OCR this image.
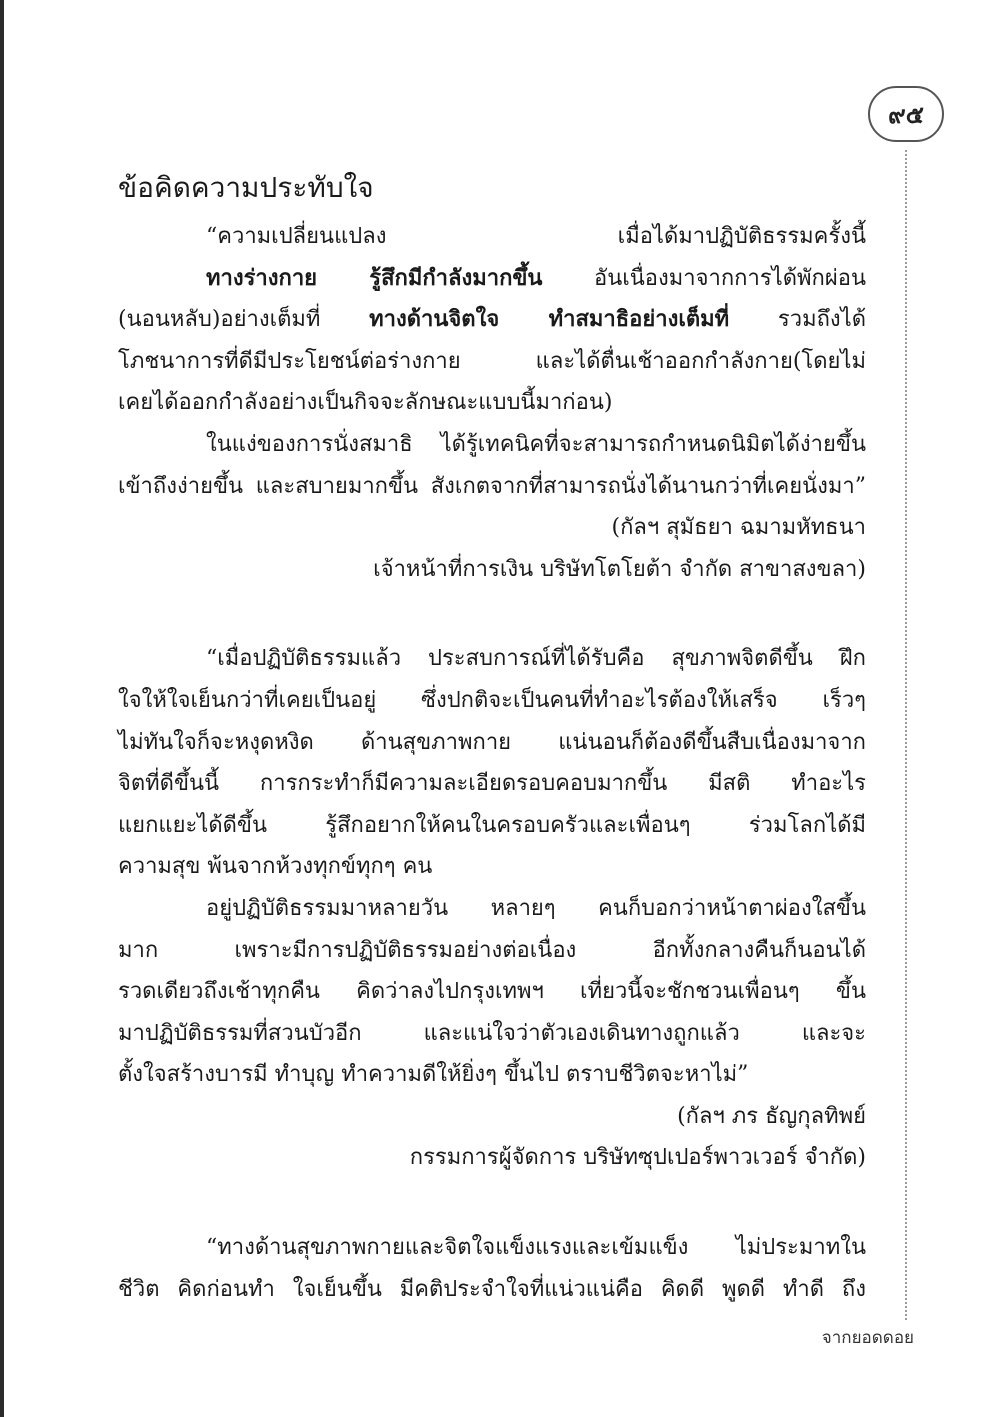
๙๕
ข้อคิดความประทับใจ
“ความเปลี่ยนแปลง เมื่อได้มาปฏิบัติธรรมครั้งนี้
ทางร่างกาย รู้สึกมีกำลังมากขึ้น อันเนื่องมาจากการได้พักผ่อน
(นอนหลับ)อย่างเต็มที่ ทางด้านจิตใจ ทำสมาธิอย่างเต็มที่ รวมถึงได้
โภชนาการที่ดีมีประโยชน์ต่อร่างกาย และได้ตื่นเช้าออกกำลังกาย(โดยไม่
เคยได้ออกกำลังอย่างเป็นกิจจะลักษณะแบบนี้มาก่อน)
ในแง่ของการนั่งสมาธิ ได้รู้เทคนิคที่จะสามารถกำหนดนิมิตได้ง่ายขึ้น
เข้าถึงง่ายขึ้น และสบายมากขึ้น สังเกตจากที่สามารถนั่งได้นานกว่าที่เคยนั่งมา”
(กัลฯ สุมัธยา ฉมามหัทธนา
เจ้าหน้าที่การเงิน บริษัทโตโยต้า จำกัด สาขาสงขลา)
“เมื่อปฏิบัติธรรมแล้ว ประสบการณ์ที่ได้รับคือ สุขภาพจิตดีขึ้น ฝึก
ใจให้ใจเย็นกว่าที่เคยเป็นอยู่ ซึ่งปกติจะเป็นคนที่ทำอะไรต้องให้เสร็จ เร็วๆ
ไม่ทันใจก็จะหงุดหงิด ด้านสุขภาพกาย แน่นอนก็ต้องดีขึ้นสืบเนื่องมาจาก
จิตที่ดีขึ้นนี้ การกระทำก็มีความละเอียดรอบคอบมากขึ้น มีสติ ทำอะไร
แยกแยะได้ดีขึ้น รู้สึกอยากให้คนในครอบครัวและเพื่อนๆ ร่วมโลกได้มี
ความสุข พ้นจากห้วงทุกข์ทุกๆ คน
อยู่ปฏิบัติธรรมมาหลายวัน หลายๆ คนก็บอกว่าหน้าตาผ่องใสขึ้น
มาก เพราะมีการปฏิบัติธรรมอย่างต่อเนื่อง อีกทั้งกลางคืนก็นอนได้
รวดเดียวถึงเช้าทุกคืน คิดว่าลงไปกรุงเทพฯ เที่ยวนี้จะชักชวนเพื่อนๆ ขึ้น
มาปฏิบัติธรรมที่สวนบัวอีก และแน่ใจว่าตัวเองเดินทางถูกแล้ว และจะ
ตั้งใจสร้างบารมี ทำบุญ ทำความดีให้ยิ่งๆ ขึ้นไป ตราบชีวิตจะหาไม่”
(กัลฯ ภร ธัญกุลทิพย์
กรรมการผู้จัดการ บริษัทซุปเปอร์พาวเวอร์ จำกัด)
“ทางด้านสุขภาพกายและจิตใจแข็งแรงและเข้มแข็ง ไม่ประมาทใน
ชีวิต คิดก่อนทำ ใจเย็นขึ้น มีคติประจำใจที่แน่วแน่คือ คิดดี พูดดี ทำดี ถึง
จากยอดดอย
